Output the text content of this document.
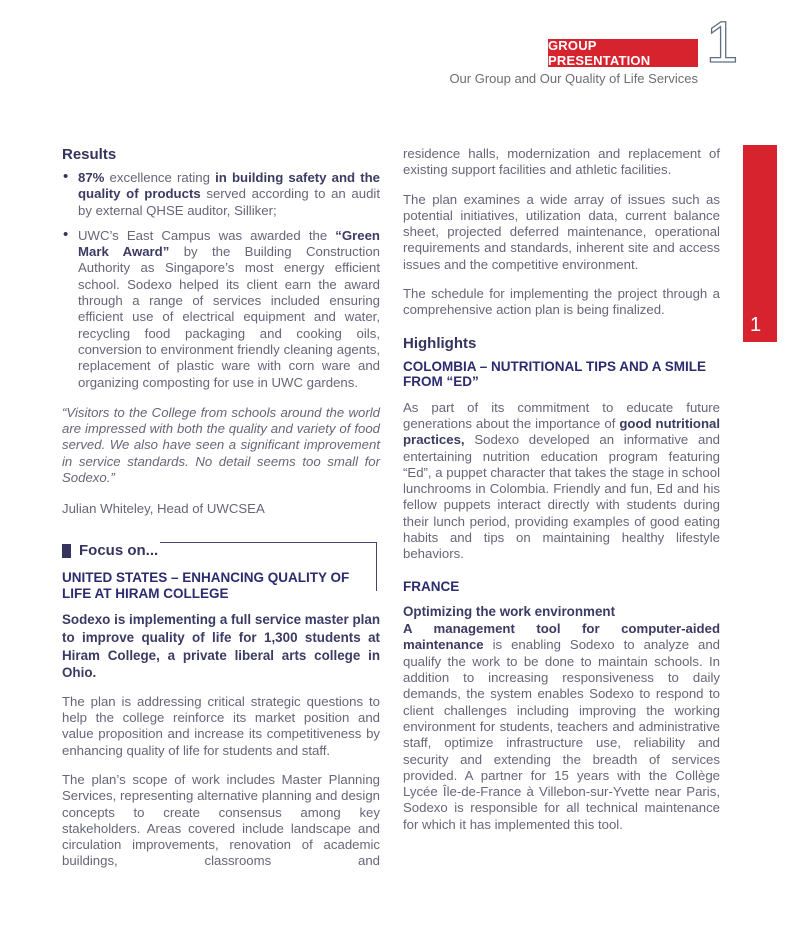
GROUP PRESENTATION 1
Our Group and Our Quality of Life Services
1
Results
• 87% excellence rating in building safety and the quality of products served according to an audit by external QHSE auditor, Silliker;
• UWC’s East Campus was awarded the “Green Mark Award” by the Building Construction Authority as Singapore’s most energy efficient school. Sodexo helped its client earn the award through a range of services included ensuring efficient use of electrical equipment and water, recycling food packaging and cooking oils, conversion to environment friendly cleaning agents, replacement of plastic ware with corn ware and organizing composting for use in UWC gardens.

“Visitors to the College from schools around the world are impressed with both the quality and variety of food served. We also have seen a significant improvement in service standards. No detail seems too small for Sodexo.”

Julian Whiteley, Head of UWCSEA

Focus on...
UNITED STATES – ENHANCING QUALITY OF LIFE AT HIRAM COLLEGE

Sodexo is implementing a full service master plan to improve quality of life for 1,300 students at Hiram College, a private liberal arts college in Ohio.

The plan is addressing critical strategic questions to help the college reinforce its market position and value proposition and increase its competitiveness by enhancing quality of life for students and staff.

The plan’s scope of work includes Master Planning Services, representing alternative planning and design concepts to create consensus among key stakeholders. Areas covered include landscape and circulation improvements, renovation of academic buildings, classrooms and

residence halls, modernization and replacement of existing support facilities and athletic facilities.

The plan examines a wide array of issues such as potential initiatives, utilization data, current balance sheet, projected deferred maintenance, operational requirements and standards, inherent site and access issues and the competitive environment.

The schedule for implementing the project through a comprehensive action plan is being finalized.

Highlights
COLOMBIA – NUTRITIONAL TIPS AND A SMILE FROM “ED”

As part of its commitment to educate future generations about the importance of good nutritional practices, Sodexo developed an informative and entertaining nutrition education program featuring “Ed”, a puppet character that takes the stage in school lunchrooms in Colombia. Friendly and fun, Ed and his fellow puppets interact directly with students during their lunch period, providing examples of good eating habits and tips on maintaining healthy lifestyle behaviors.

FRANCE
Optimizing the work environment

A management tool for computer-aided maintenance is enabling Sodexo to analyze and qualify the work to be done to maintain schools. In addition to increasing responsiveness to daily demands, the system enables Sodexo to respond to client challenges including improving the working environment for students, teachers and administrative staff, optimize infrastructure use, reliability and security and extending the breadth of services provided. A partner for 15 years with the Collège Lycée Île-de-France à Villebon-sur-Yvette near Paris, Sodexo is responsible for all technical maintenance for which it has implemented this tool.
